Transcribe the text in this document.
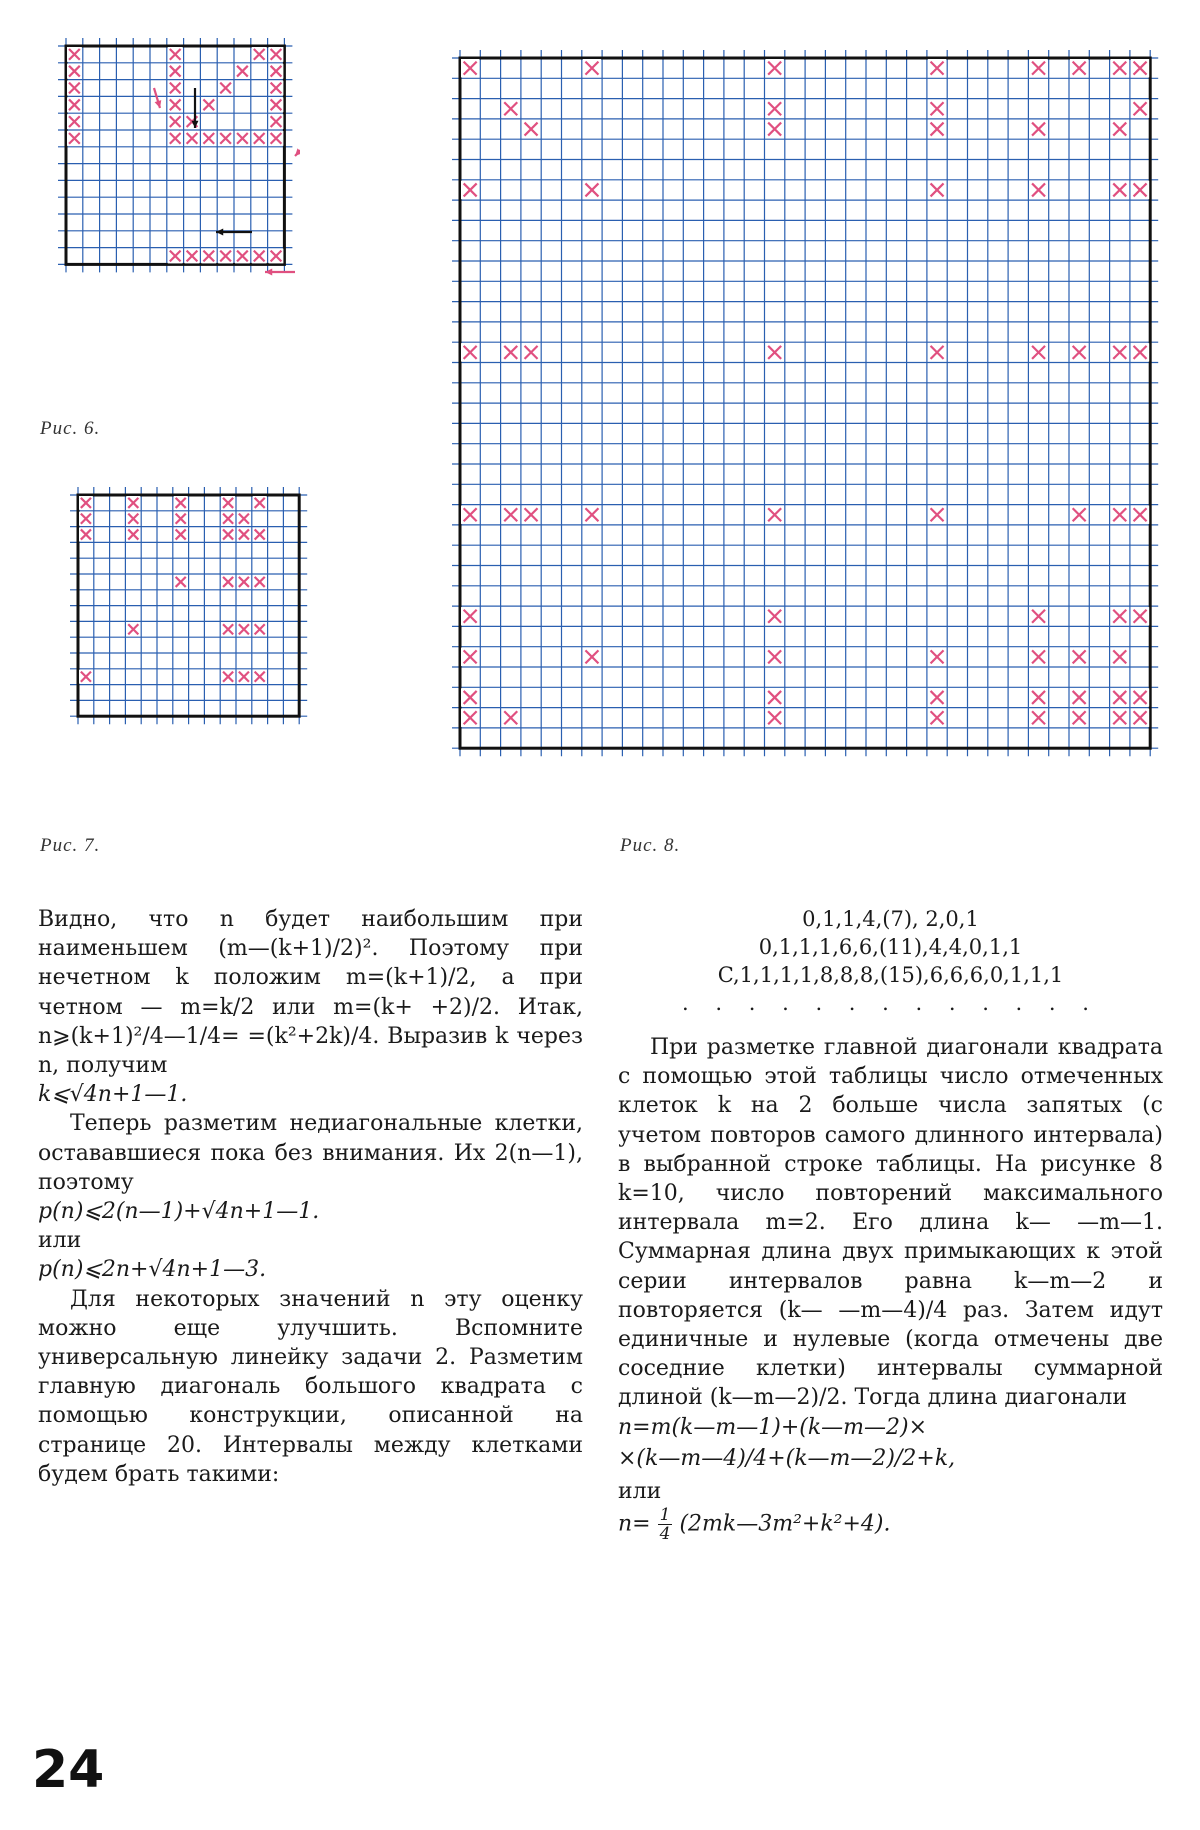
Рис. 6.
Рис. 7.	Рис. 8.

Видно, что n будет наибольшим при наименьшем (m—(k+1)/2)². Поэтому при нечетном k положим m=(k+1)/2, а при четном — m=k/2 или m=(k+ +2)/2. Итак, n⩾(k+1)²/4—1/4= =(k²+2k)/4. Выразив k через n, получим

k⩽√4n+1—1.

Теперь разметим недиагональные клетки, остававшиеся пока без внимания. Их 2(n—1), поэтому

p(n)⩽2(n—1)+√4n+1—1.

или

p(n)⩽2n+√4n+1—3.

Для некоторых значений n эту оценку можно еще улучшить. Вспомните универсальную линейку задачи 2. Разметим главную диагональ большого квадрата с помощью конструкции, описанной на странице 20. Интервалы между клетками будем брать такими:

0,1,1,4,(7), 2,0,1
0,1,1,1,6,6,(11),4,4,0,1,1
C,1,1,1,1,8,8,8,(15),6,6,6,0,1,1,1
. . . . . . . . . . . . .

При разметке главной диагонали квадрата с помощью этой таблицы число отмеченных клеток k на 2 больше числа запятых (с учетом повторов самого длинного интервала) в выбранной строке таблицы. На рисунке 8 k=10, число повторений максимального интервала m=2. Его длина k— —m—1. Суммарная длина двух примыкающих к этой серии интервалов равна k—m—2 и повторяется (k— —m—4)/4 раз. Затем идут единичные и нулевые (когда отмечены две соседние клетки) интервалы суммарной длиной (k—m—2)/2. Тогда длина диагонали

n=m(k—m—1)+(k—m—2)×

×(k—m—4)/4+(k—m—2)/2+k,

или

$n= \frac{1}{4}$ (2mk—3m²+k²+4).

24
